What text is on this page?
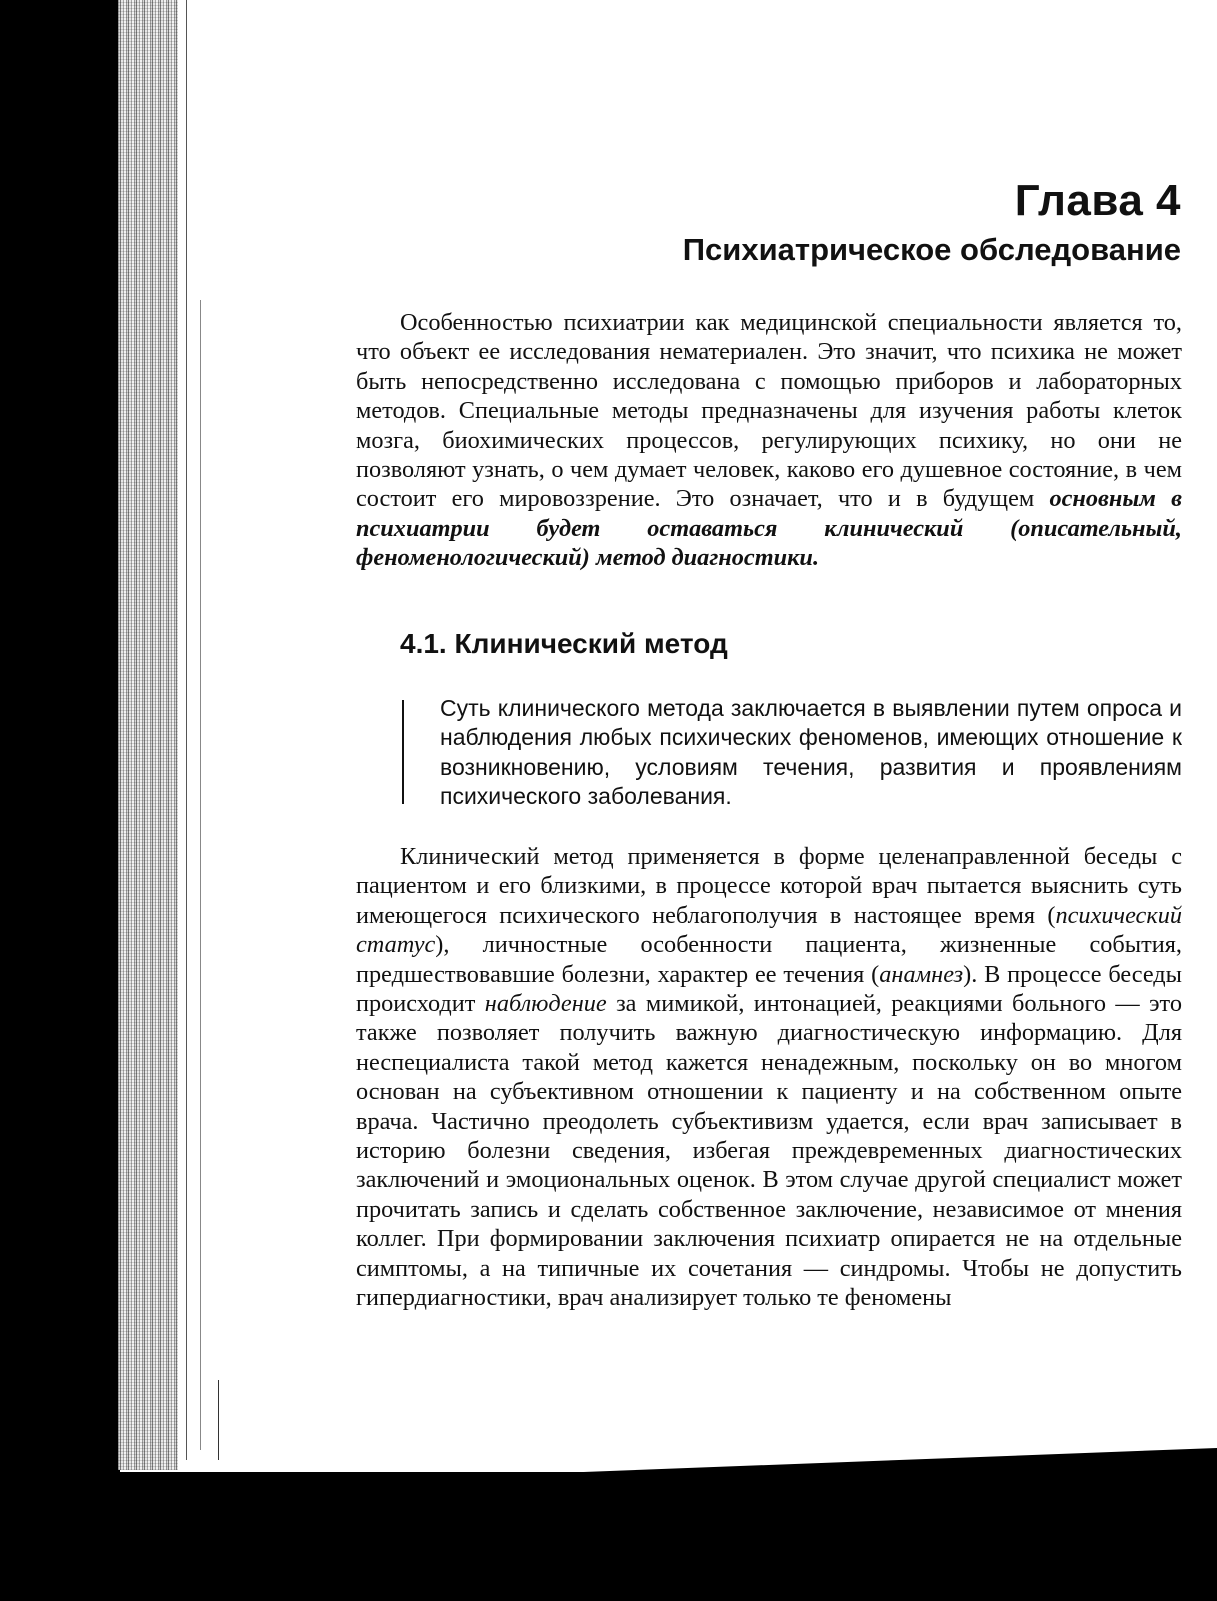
Глава 4
Психиатрическое обследование

Особенностью психиатрии как медицинской специальности является то, что объект ее исследования нематериален. Это значит, что психика не может быть непосредственно исследована с помощью приборов и лабораторных методов. Специальные методы предназначены для изучения работы клеток мозга, биохимических процессов, регулирующих психику, но они не позволяют узнать, о чем думает человек, каково его душевное состояние, в чем состоит его мировоззрение. Это означает, что и в будущем основным в психиатрии будет оставаться клинический (описательный, феноменологический) метод диагностики.

4.1. Клинический метод
Суть клинического метода заключается в выявлении путем опроса и наблюдения любых психических феноменов, имеющих отношение к возникновению, условиям течения, развития и проявлениям психического заболевания.

Клинический метод применяется в форме целенаправленной беседы с пациентом и его близкими, в процессе которой врач пытается выяснить суть имеющегося психического неблагополучия в настоящее время (психический статус), личностные особенности пациента, жизненные события, предшествовавшие болезни, характер ее течения (анамнез). В процессе беседы происходит наблюдение за мимикой, интонацией, реакциями больного — это также позволяет получить важную диагностическую информацию. Для неспециалиста такой метод кажется ненадежным, поскольку он во многом основан на субъективном отношении к пациенту и на собственном опыте врача. Частично преодолеть субъективизм удается, если врач записывает в историю болезни сведения, избегая преждевременных диагностических заключений и эмоциональных оценок. В этом случае другой специалист может прочитать запись и сделать собственное заключение, независимое от мнения коллег. При формировании заключения психиатр опирается не на отдельные симптомы, а на типичные их сочетания — синдромы. Чтобы не допустить гипердиагностики, врач анализирует только те феномены
